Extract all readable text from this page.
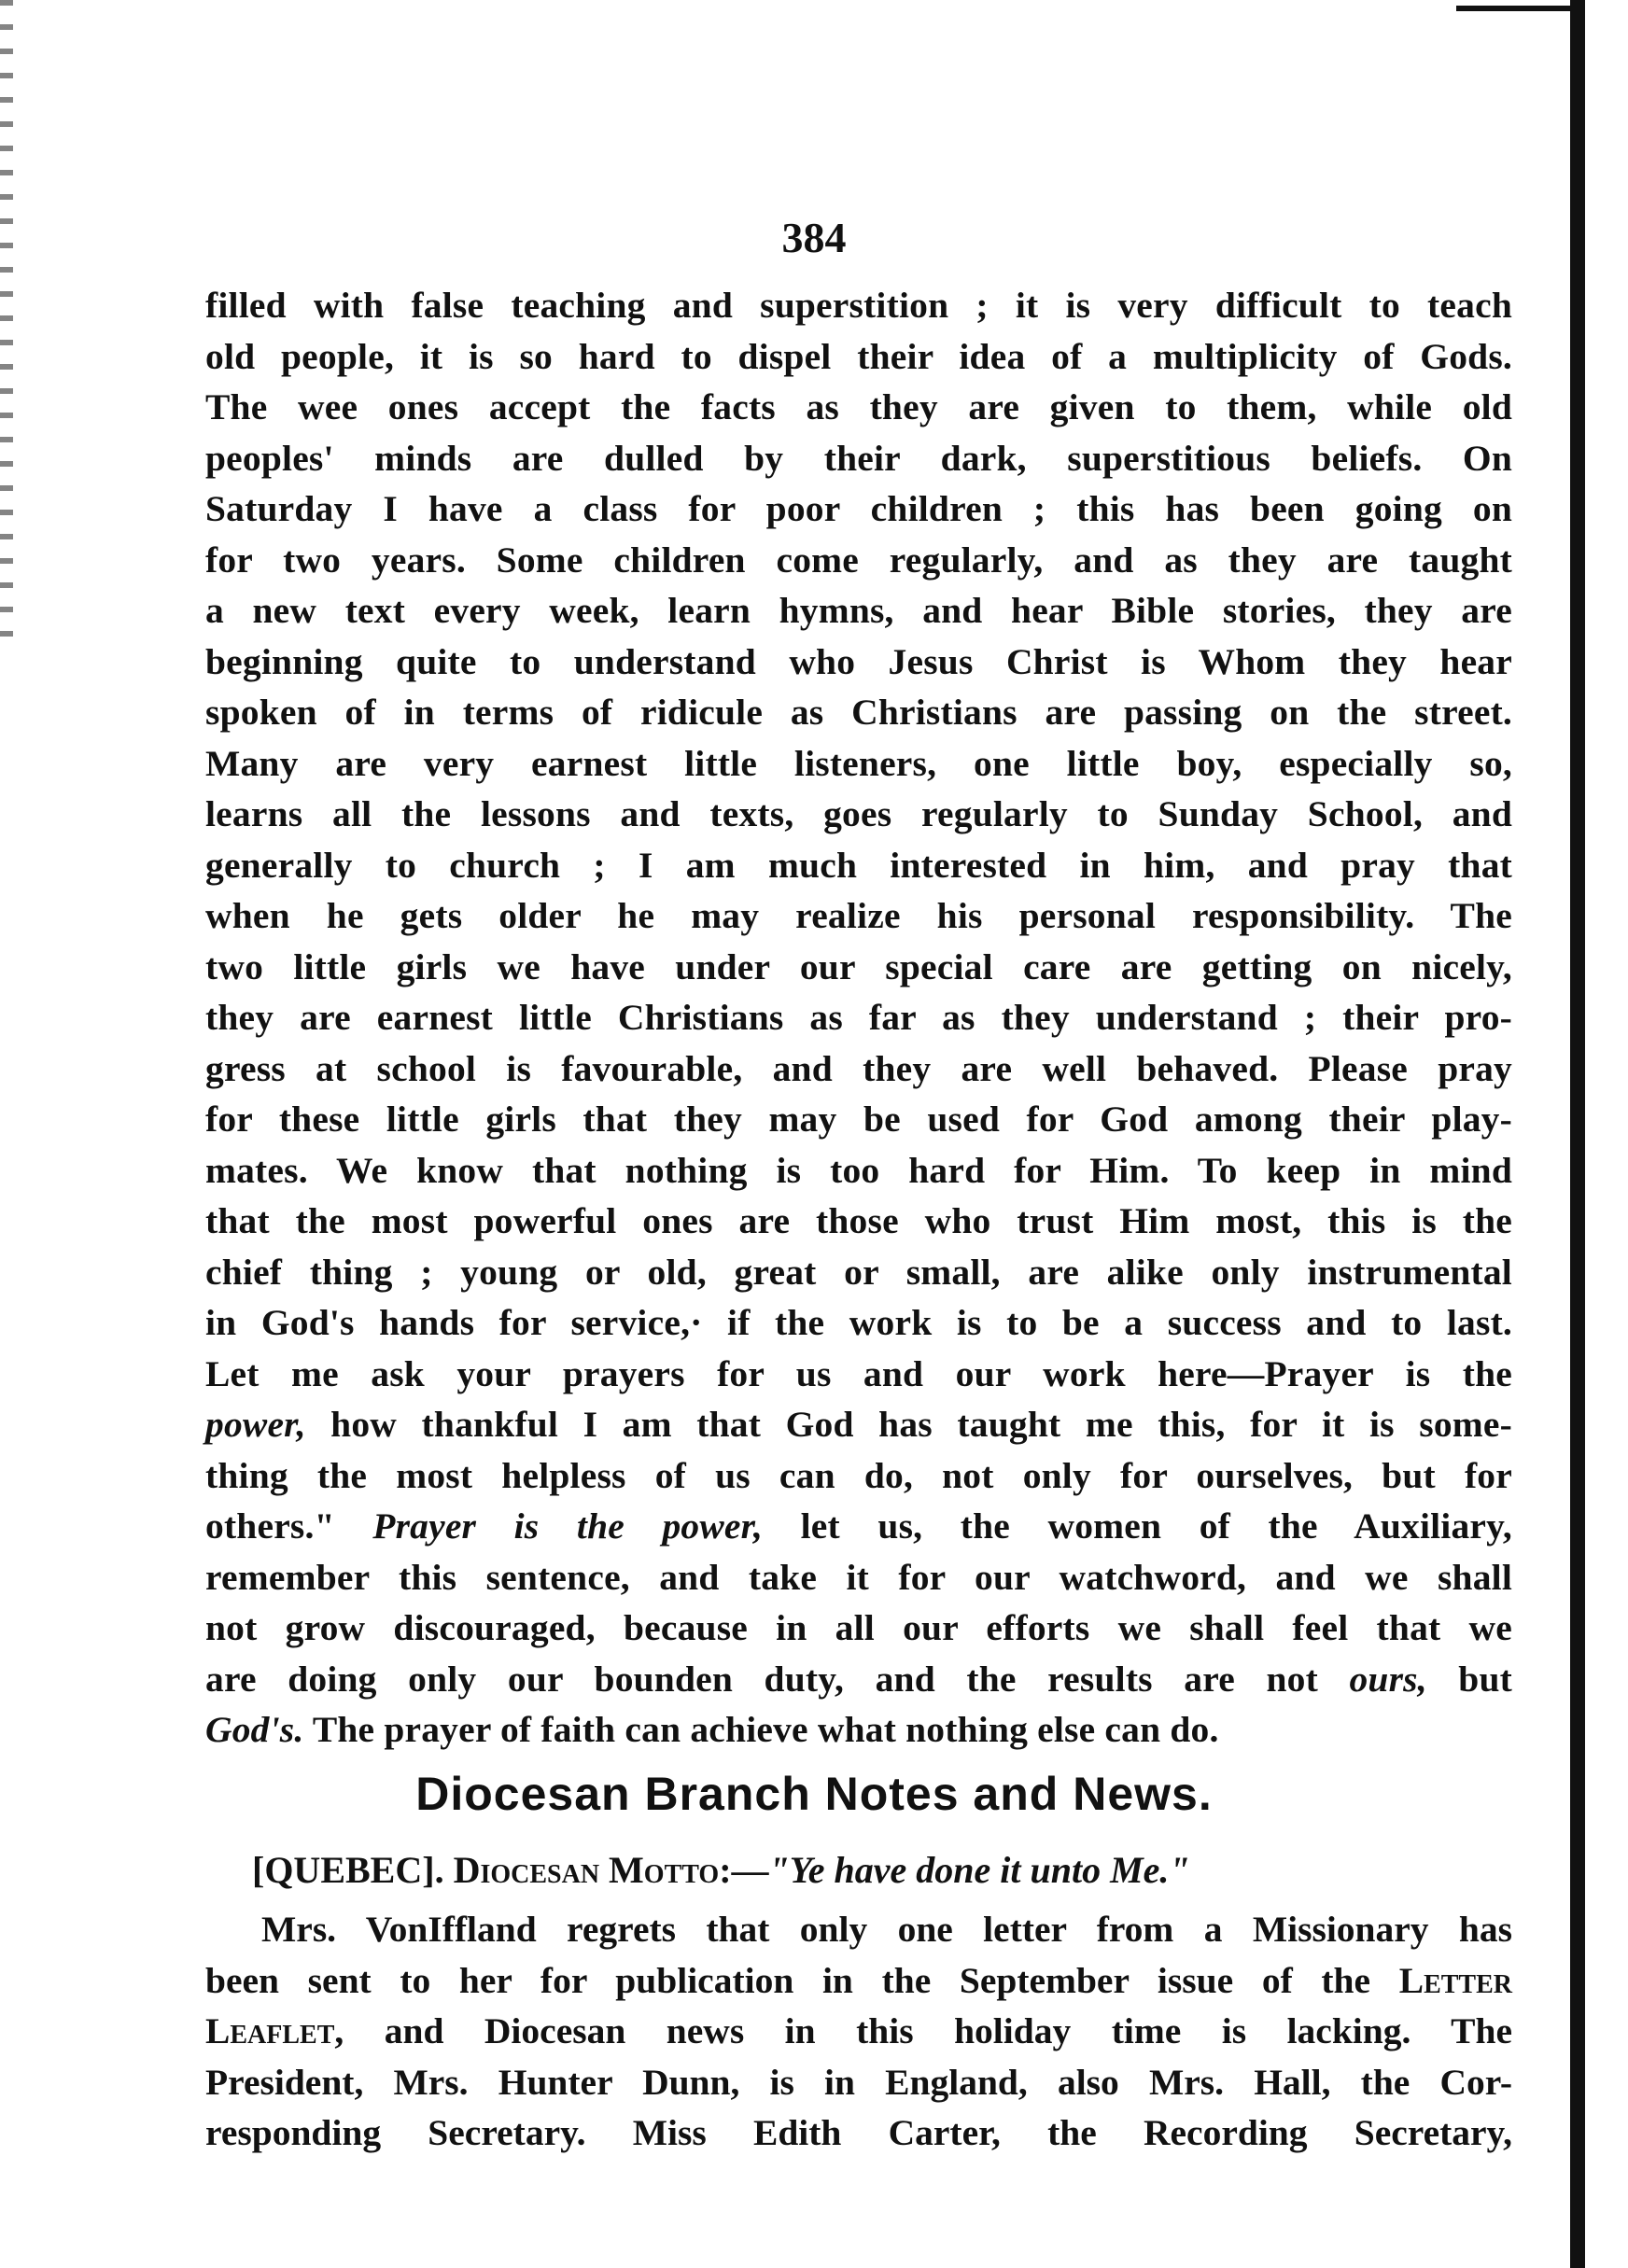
384
filled with false teaching and superstition ; it is very difficult to teach
old people, it is so hard to dispel their idea of a multiplicity of Gods.
The wee ones accept the facts as they are given to them, while old
peoples' minds are dulled by their dark, superstitious beliefs. On
Saturday I have a class for poor children ; this has been going on
for two years. Some children come regularly, and as they are taught
a new text every week, learn hymns, and hear Bible stories, they are
beginning quite to understand who Jesus Christ is Whom they hear
spoken of in terms of ridicule as Christians are passing on the street.
Many are very earnest little listeners, one little boy, especially so,
learns all the lessons and texts, goes regularly to Sunday School, and
generally to church ; I am much interested in him, and pray that
when he gets older he may realize his personal responsibility. The
two little girls we have under our special care are getting on nicely,
they are earnest little Christians as far as they understand ; their pro-
gress at school is favourable, and they are well behaved. Please pray
for these little girls that they may be used for God among their play-
mates. We know that nothing is too hard for Him. To keep in mind
that the most powerful ones are those who trust Him most, this is the
chief thing ; young or old, great or small, are alike only instrumental
in God's hands for service,· if the work is to be a success and to last.
Let me ask your prayers for us and our work here—Prayer is the
power, how thankful I am that God has taught me this, for it is some-
thing the most helpless of us can do, not only for ourselves, but for
others." Prayer is the power, let us, the women of the Auxiliary,
remember this sentence, and take it for our watchword, and we shall
not grow discouraged, because in all our efforts we shall feel that we
are doing only our bounden duty, and the results are not ours, but
God's. The prayer of faith can achieve what nothing else can do.
Diocesan Branch Notes and News.
[QUEBEC]. Diocesan Motto:—"Ye have done it unto Me."
Mrs. VonIffland regrets that only one letter from a Missionary has
been sent to her for publication in the September issue of the Letter
Leaflet, and Diocesan news in this holiday time is lacking. The
President, Mrs. Hunter Dunn, is in England, also Mrs. Hall, the Cor-
responding Secretary. Miss Edith Carter, the Recording Secretary,
